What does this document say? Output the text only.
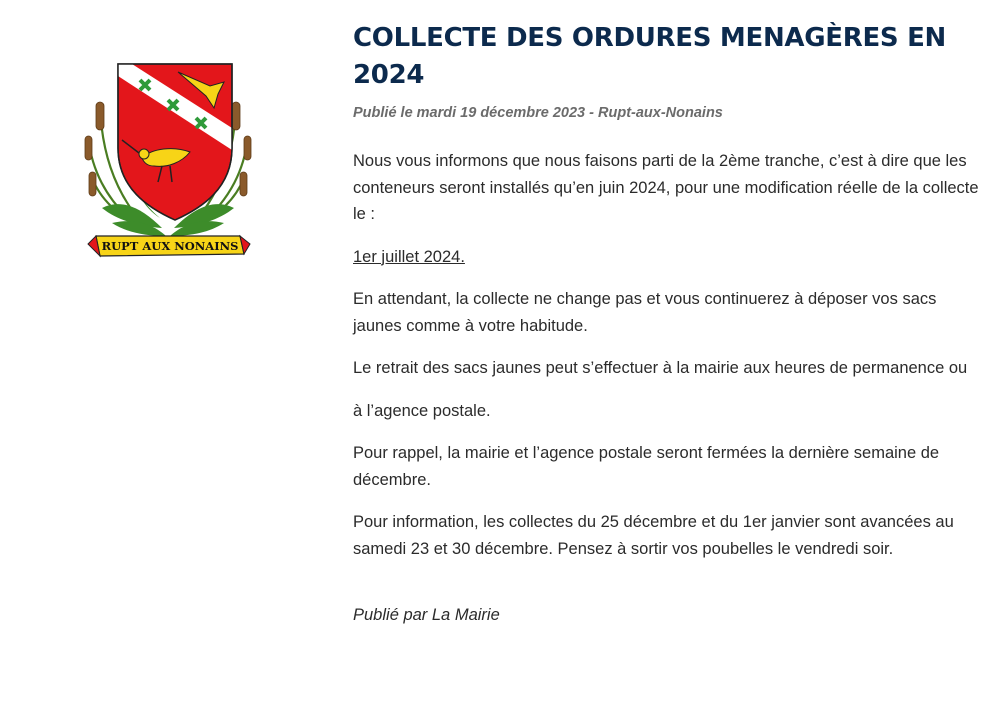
RUPT AUX NONAINS
COLLECTE DES ORDURES MENAGÈRES EN 2024

Publié le mardi 19 décembre 2023 - Rupt-aux-Nonains

Nous vous informons que nous faisons parti de la 2ème tranche, c’est à dire que les conteneurs seront installés qu’en juin 2024, pour une modification réelle de la collecte le :

1er juillet 2024.

En attendant, la collecte ne change pas et vous continuerez à déposer vos sacs jaunes comme à votre habitude.

Le retrait des sacs jaunes peut s’effectuer à la mairie aux heures de permanence ou

à l’agence postale.

Pour rappel, la mairie et l’agence postale seront fermées la dernière semaine de décembre.

Pour information, les collectes du 25 décembre et du 1er janvier sont avancées au samedi 23 et 30 décembre. Pensez à sortir vos poubelles le vendredi soir.

Publié par La Mairie
